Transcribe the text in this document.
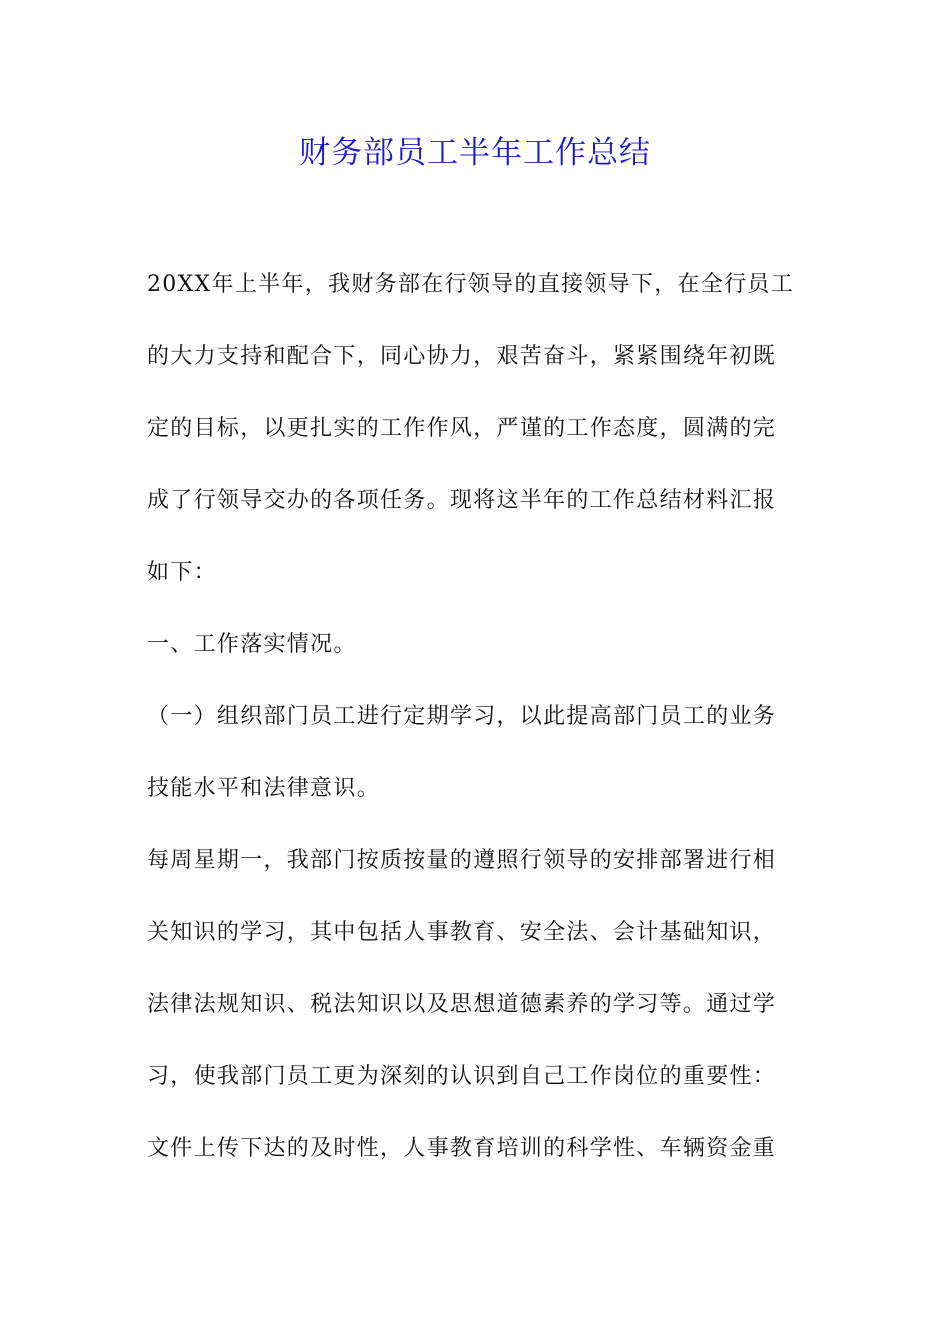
财务部员工半年工作总结
20XX年上半年，我财务部在行领导的直接领导下，在全行员工
的大力支持和配合下，同心协力，艰苦奋斗，紧紧围绕年初既
定的目标，以更扎实的工作作风，严谨的工作态度，圆满的完
成了行领导交办的各项任务。现将这半年的工作总结材料汇报
如下：
一、工作落实情况。
（一）组织部门员工进行定期学习，以此提高部门员工的业务
技能水平和法律意识。
每周星期一，我部门按质按量的遵照行领导的安排部署进行相
关知识的学习，其中包括人事教育、安全法、会计基础知识，
法律法规知识、税法知识以及思想道德素养的学习等。通过学
习，使我部门员工更为深刻的认识到自己工作岗位的重要性：
文件上传下达的及时性，人事教育培训的科学性、车辆资金重
